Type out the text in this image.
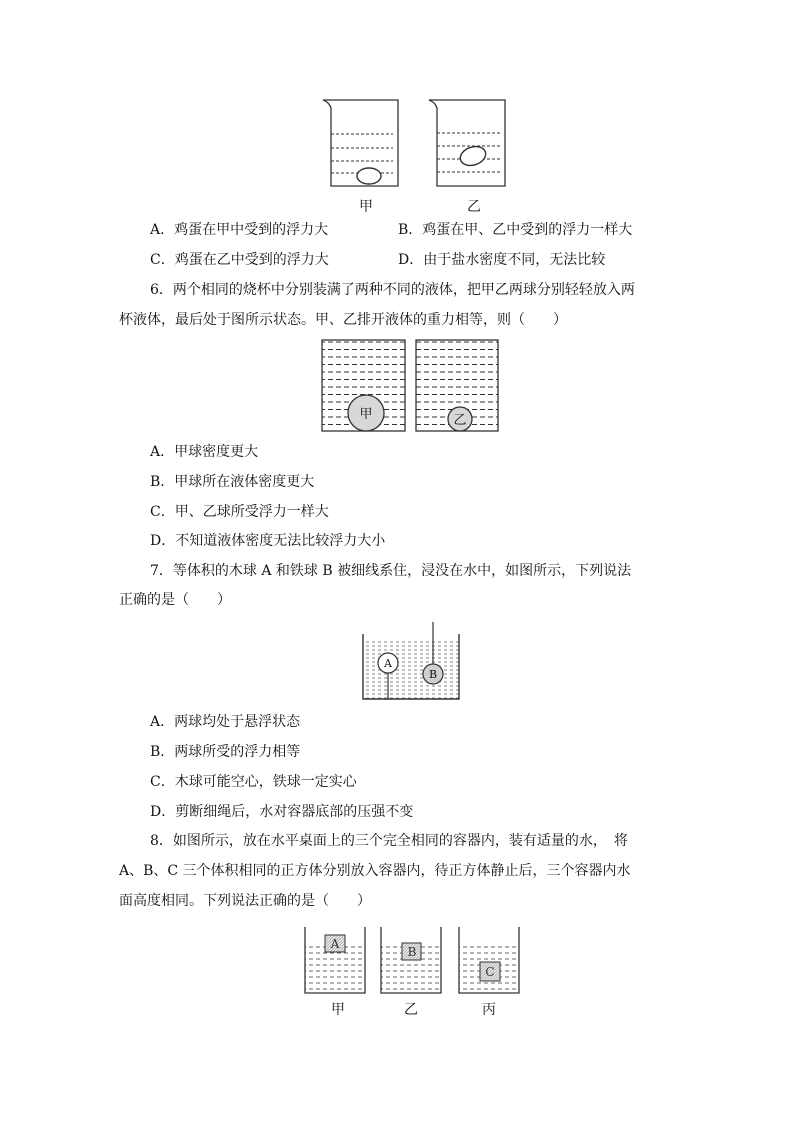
甲	乙
A．鸡蛋在甲中受到的浮力大	B．鸡蛋在甲、乙中受到的浮力一样大
C．鸡蛋在乙中受到的浮力大	D．由于盐水密度不同，无法比较
6．两个相同的烧杯中分别装满了两种不同的液体，把甲乙两球分别轻轻放入两
杯液体，最后处于图所示状态。甲、乙排开液体的重力相等，则（　　）
甲	乙
A．甲球密度更大
B．甲球所在液体密度更大
C．甲、乙球所受浮力一样大
D．不知道液体密度无法比较浮力大小
7．等体积的木球 A 和铁球 B 被细线系住，浸没在水中，如图所示，下列说法
正确的是（　　）
A
B
A．两球均处于悬浮状态
B．两球所受的浮力相等
C．木球可能空心，铁球一定实心
D．剪断细绳后，水对容器底部的压强不变
8．如图所示，放在水平桌面上的三个完全相同的容器内，装有适量的水，　将
A、B、C 三个体积相同的正方体分别放入容器内，待正方体静止后，三个容器内水
面高度相同。下列说法正确的是（　　）
A
B
C
甲	乙	丙
